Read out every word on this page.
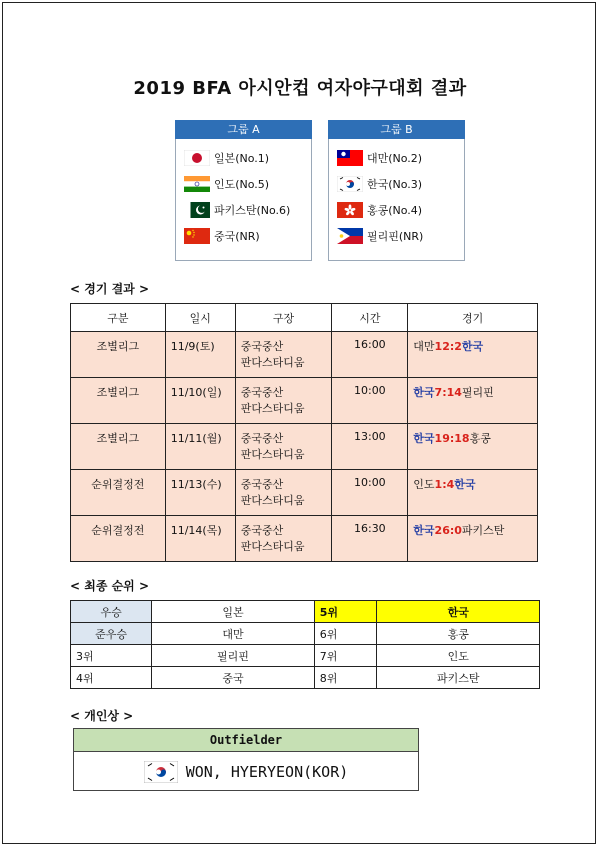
2019 BFA 아시안컵 여자야구대회 결과
그룹 A
일본(No.1)
인도(No.5)
파키스탄(No.6)
중국(NR)
그룹 B
대만(No.2)
한국(No.3)
홍콩(No.4)
필리핀(NR)
< 경기 결과 >
구분	일시	구장	시간	경기
조별리그	11/9(토)	중국중산
판다스타디움	16:00	대만12:2한국
조별리그	11/10(일)	중국중산
판다스타디움	10:00	한국7:14필리핀
조별리그	11/11(월)	중국중산
판다스타디움	13:00	한국19:18홍콩
순위결정전	11/13(수)	중국중산
판다스타디움	10:00	인도1:4한국
순위결정전	11/14(목)	중국중산
판다스타디움	16:30	한국26:0파키스탄
< 최종 순위 >
우승	일본	5위	한국
준우승	대만	6위	홍콩
3위	필리핀	7위	인도
4위	중국	8위	파키스탄
< 개인상 >
Outfielder
WON, HYERYEON(KOR)
